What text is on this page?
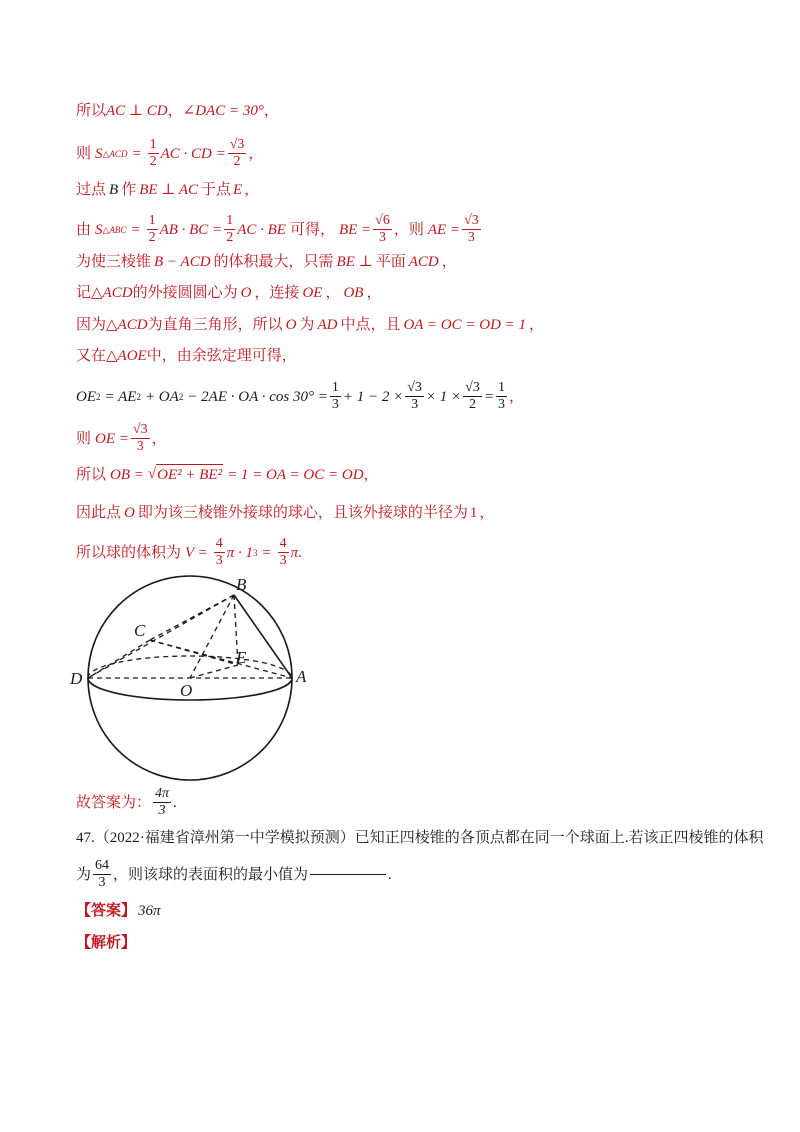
所以 AC ⊥ CD ， ∠DAC = 30° ，
则 S △ACD = $\frac{1}{2}$ AC · CD = $\frac{√3}{2}$ ，
过点 B 作 BE ⊥ AC 于点 E ，
由 S △ABC = $\frac{1}{2}$ AB · BC = $\frac{1}{2}$ AC · BE 可得， BE = $\frac{√6}{3}$ ，则 AE = $\frac{√3}{3}$
为使三棱锥 B − ACD 的体积最大，只需 BE ⊥ 平面 ACD ，
记 △ACD 的外接圆圆心为 O ，连接 OE ， OB ，
因为 △ACD 为直角三角形，所以 O 为 AD 中点，且 OA = OC = OD = 1 ，
又在 △AOE 中，由余弦定理可得，
OE 2 = AE 2 + OA 2 − 2AE · OA · $\cos 30^\circ = \frac{1}{3} + 1 - 2 \times \frac{√3}{3} \times 1 \times \frac{√3}{2} = \frac{1}{3}$ ，
则 OE = $\frac{√3}{3}$ ，
所以 OB = √ OE² + BE² = 1 = OA = OC = OD ，
因此点 O 即为该三棱锥外接球的球心，且该外接球的半径为 1 ，
所以球的体积为 $V = \frac{4}{3}$ π · 1 $3 = \frac{4}{3}$ π .
B
C
D	A
O
E
故答案为： $\frac{4\pi}{3}$ .
47.（2022·福建省漳州第一中学模拟预测）已知正四棱锥的各顶点都在同一个球面上.若该正四棱锥的体积
为 $\frac{64}{3}$ ，则该球的表面积的最小值为	.
【答案】 36π
【解析】
